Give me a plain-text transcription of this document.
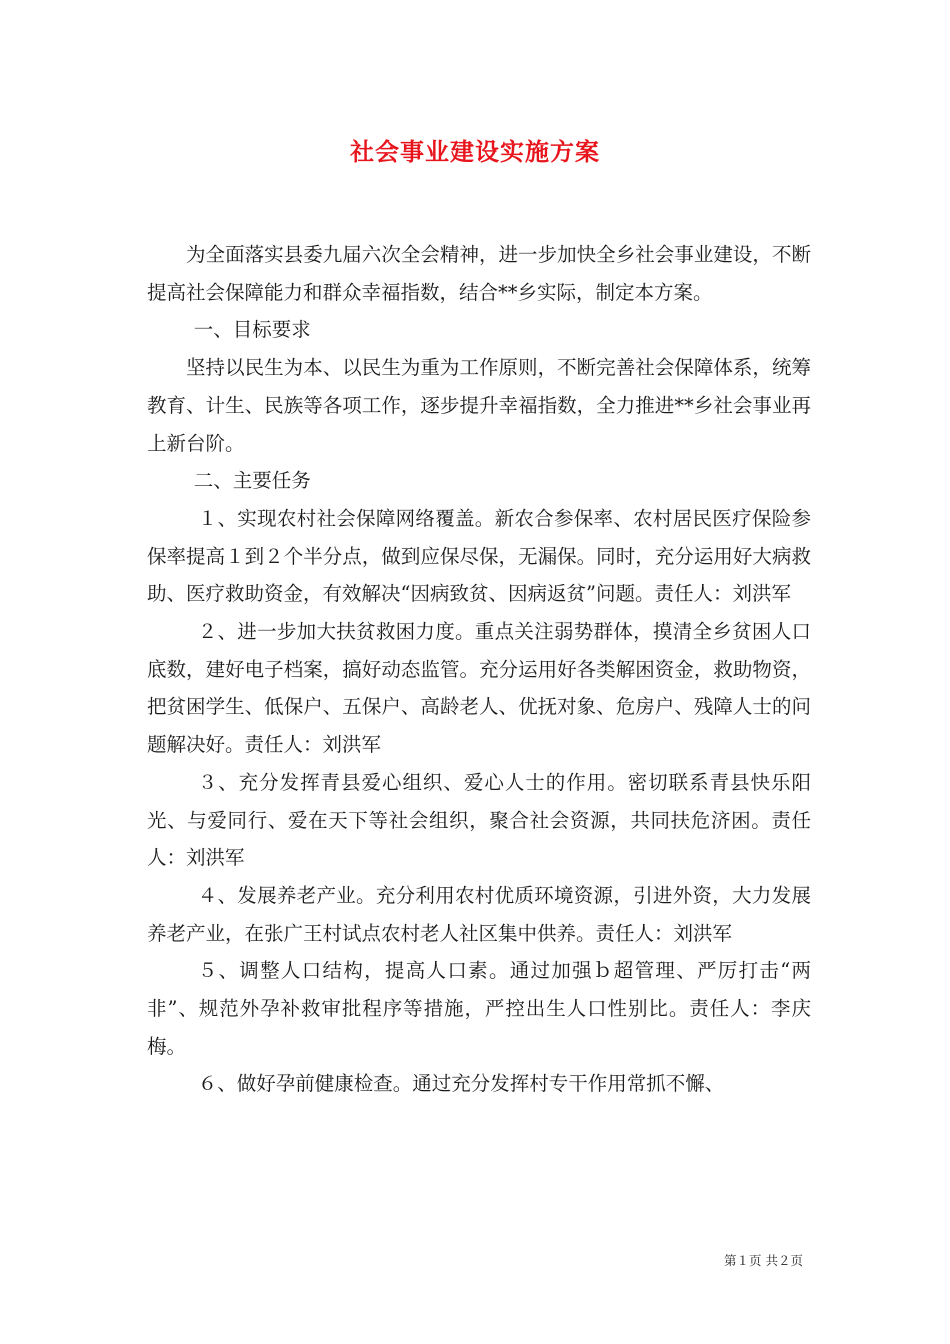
社会事业建设实施方案

为全面落实县委九届六次全会精神，进一步加快全乡社会事业建设，不断提高社会保障能力和群众幸福指数，结合**乡实际，制定本方案。

一、目标要求

坚持以民生为本、以民生为重为工作原则，不断完善社会保障体系，统筹教育、计生、民族等各项工作，逐步提升幸福指数，全力推进**乡社会事业再上新台阶。

二、主要任务

１、实现农村社会保障网络覆盖。新农合参保率、农村居民医疗保险参保率提高１到２个半分点，做到应保尽保，无漏保。同时，充分运用好大病救助、医疗救助资金，有效解决“因病致贫、因病返贫”问题。责任人：刘洪军

２、进一步加大扶贫救困力度。重点关注弱势群体，摸清全乡贫困人口底数，建好电子档案，搞好动态监管。充分运用好各类解困资金，救助物资，把贫困学生、低保户、五保户、高龄老人、优抚对象、危房户、残障人士的问题解决好。责任人：刘洪军

３、充分发挥青县爱心组织、爱心人士的作用。密切联系青县快乐阳光、与爱同行、爱在天下等社会组织，聚合社会资源，共同扶危济困。责任人：刘洪军

４、发展养老产业。充分利用农村优质环境资源，引进外资，大力发展养老产业，在张广王村试点农村老人社区集中供养。责任人：刘洪军

５、调整人口结构，提高人口素。通过加强ｂ超管理、严厉打击“两非”、规范外孕补救审批程序等措施，严控出生人口性别比。责任人：李庆梅。

６、做好孕前健康检查。通过充分发挥村专干作用常抓不懈、

第１页 共２页
